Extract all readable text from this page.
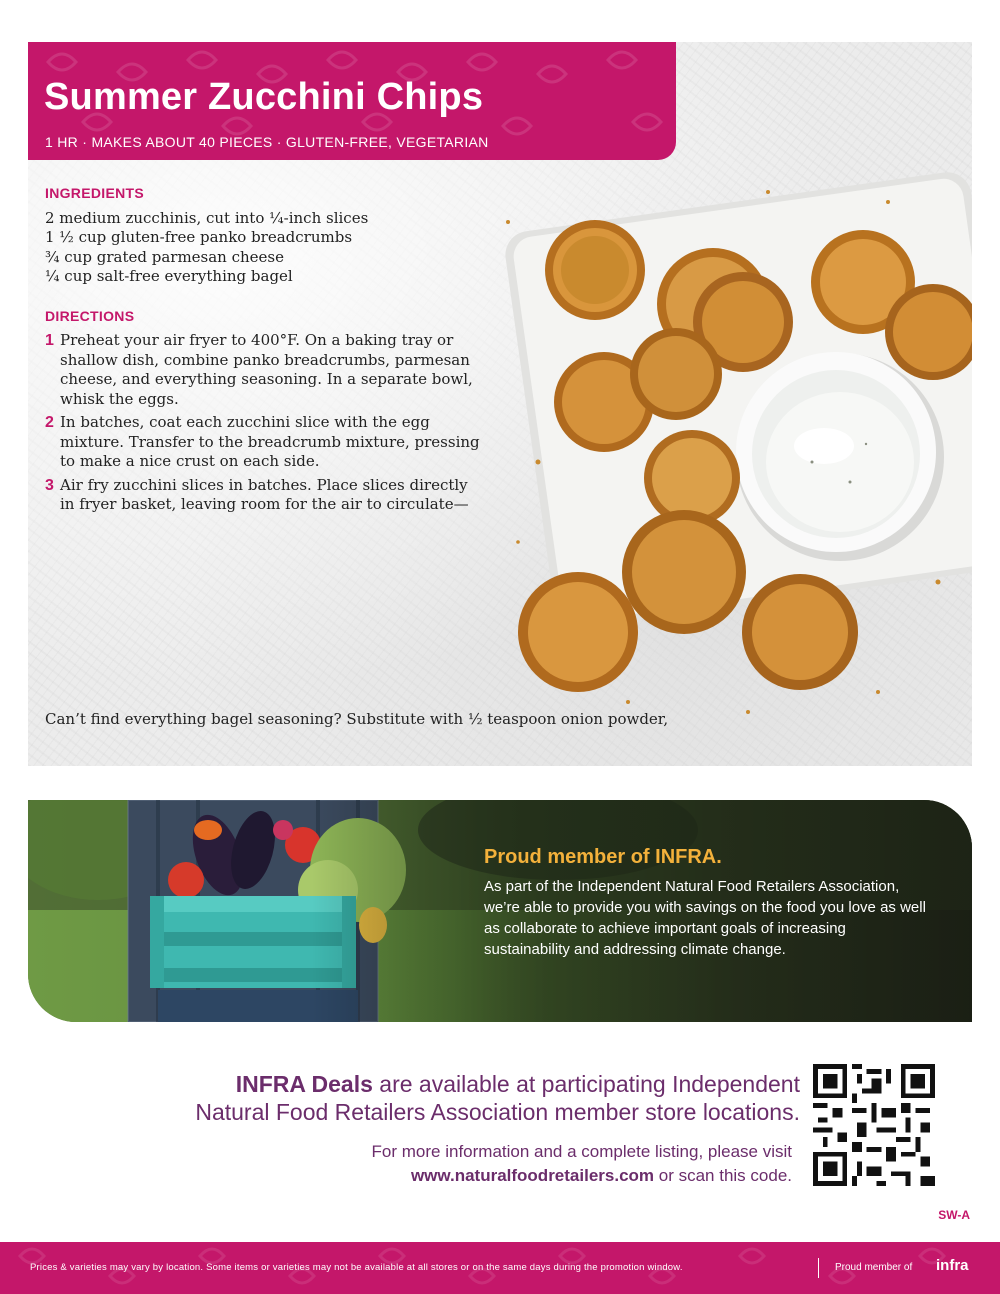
Summer Zucchini Chips
1 HR · MAKES ABOUT 40 PIECES · GLUTEN-FREE, VEGETARIAN
INGREDIENTS
2 medium zucchinis, cut into ¼-inch slices
1 ½ cup gluten-free panko breadcrumbs
¾ cup grated parmesan cheese
¼ cup salt-free everything bagel
DIRECTIONS
1 Preheat your air fryer to 400°F. On a baking tray or shallow dish, combine panko breadcrumbs, parmesan cheese, and everything seasoning. In a separate bowl, whisk the eggs.
2 In batches, coat each zucchini slice with the egg mixture. Transfer to the breadcrumb mixture, pressing to make a nice crust on each side.
3 Air fry zucchini slices in batches. Place slices directly in fryer basket, leaving room for the air to circulate—
Can’t find everything bagel seasoning? Substitute with ½ teaspoon onion powder,
Proud member of INFRA.

As part of the Independent Natural Food Retailers Association, we’re able to provide you with savings on the food you love as well as collaborate to achieve important goals of increasing sustainability and addressing climate change.

INFRA Deals are available at participating Independent
Natural Food Retailers Association member store locations.
For more information and a complete listing, please visit
www.naturalfoodretailers.com or scan this code.
SW-A
Prices & varieties may vary by location. Some items or varieties may not be available at all stores or on the same days during the promotion window.	Proud member of infra
